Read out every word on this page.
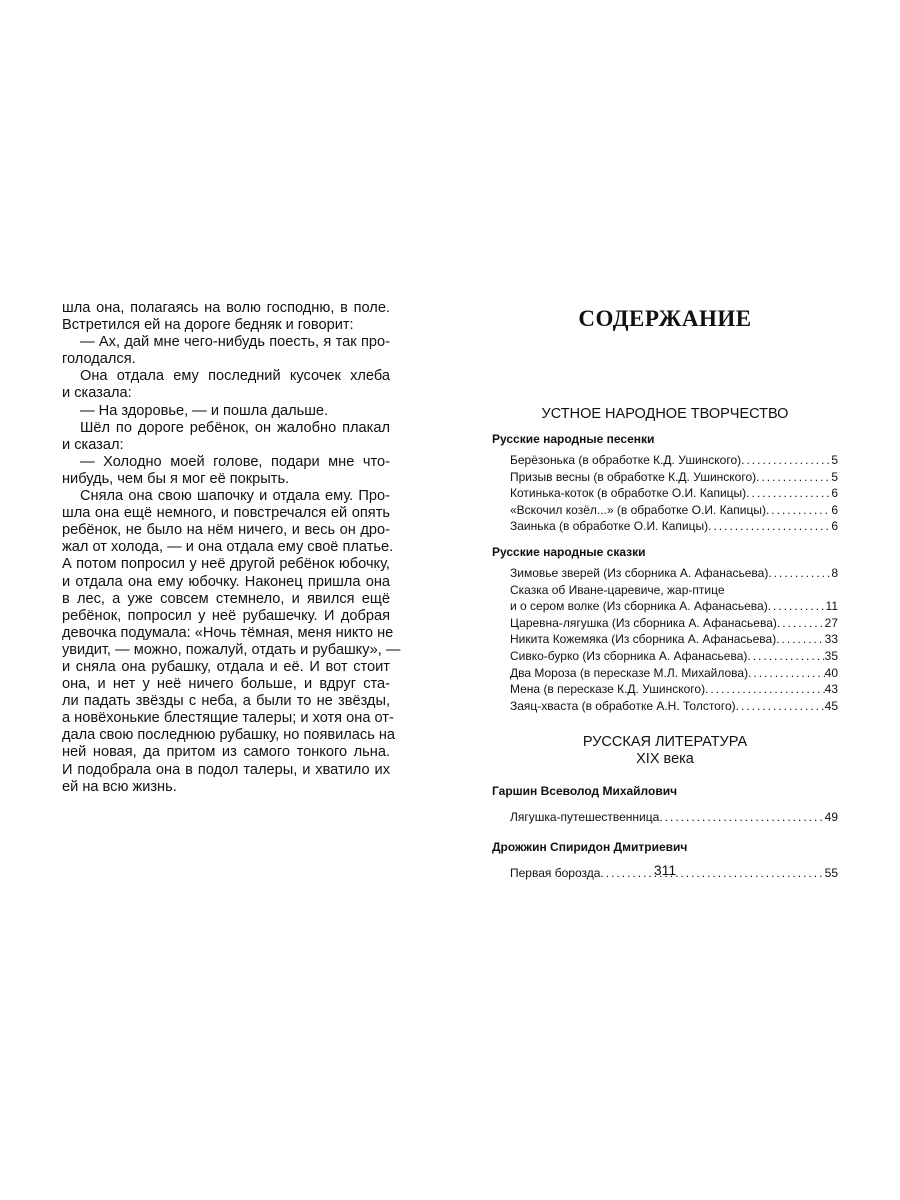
шла она, полагаясь на волю господню, в поле.
Встретился ей на дороге бедняк и говорит:
— Ах, дай мне чего-нибудь поесть, я так про-
голодался.
Она отдала ему последний кусочек хлеба
и сказала:
— На здоровье, — и пошла дальше.
Шёл по дороге ребёнок, он жалобно плакал
и сказал:
— Холодно моей голове, подари мне что-
нибудь, чем бы я мог её покрыть.
Сняла она свою шапочку и отдала ему. Про-
шла она ещё немного, и повстречался ей опять
ребёнок, не было на нём ничего, и весь он дро-
жал от холода, — и она отдала ему своё платье.
А потом попросил у неё другой ребёнок юбочку,
и отдала она ему юбочку. Наконец пришла она
в лес, а уже совсем стемнело, и явился ещё
ребёнок, попросил у неё рубашечку. И добрая
девочка подумала: «Ночь тёмная, меня никто не
увидит, — можно, пожалуй, отдать и рубашку», —
и сняла она рубашку, отдала и её. И вот стоит
она, и нет у неё ничего больше, и вдруг ста-
ли падать звёзды с неба, а были то не звёзды,
а новёхонькие блестящие талеры; и хотя она от-
дала свою последнюю рубашку, но появилась на
ней новая, да притом из самого тонкого льна.
И подобрала она в подол талеры, и хватило их
ей на всю жизнь.
СОДЕРЖАНИЕ
УСТНОЕ НАРОДНОЕ ТВОРЧЕСТВО
Русские народные песенки
Берёзонька (в обработке К.Д. Ушинского) .....	5
Призыв весны (в обработке К.Д. Ушинского) .....	5
Котинька-коток (в обработке О.И. Капицы) .....	6
«Вскочил козёл...» (в обработке О.И. Капицы) .....	6
Заинька (в обработке О.И. Капицы) .....	6
Русские народные сказки
Зимовье зверей (Из сборника А. Афанасьева) .....	8
Сказка об Иване-царевиче, жар-птице
и о сером волке (Из сборника А. Афанасьева) .....	11
Царевна-лягушка (Из сборника А. Афанасьева) .....	27
Никита Кожемяка (Из сборника А. Афанасьева) .....	33
Сивко-бурко (Из сборника А. Афанасьева) .....	35
Два Мороза (в пересказе М.Л. Михайлова) .....	40
Мена (в пересказе К.Д. Ушинского) .....	43
Заяц-хваста (в обработке А.Н. Толстого) .....	45
РУССКАЯ ЛИТЕРАТУРА
XIX века
Гаршин Всеволод Михайлович
Лягушка-путешественница .....	49
Дрожжин Спиридон Дмитриевич
Первая борозда .....	55
311
